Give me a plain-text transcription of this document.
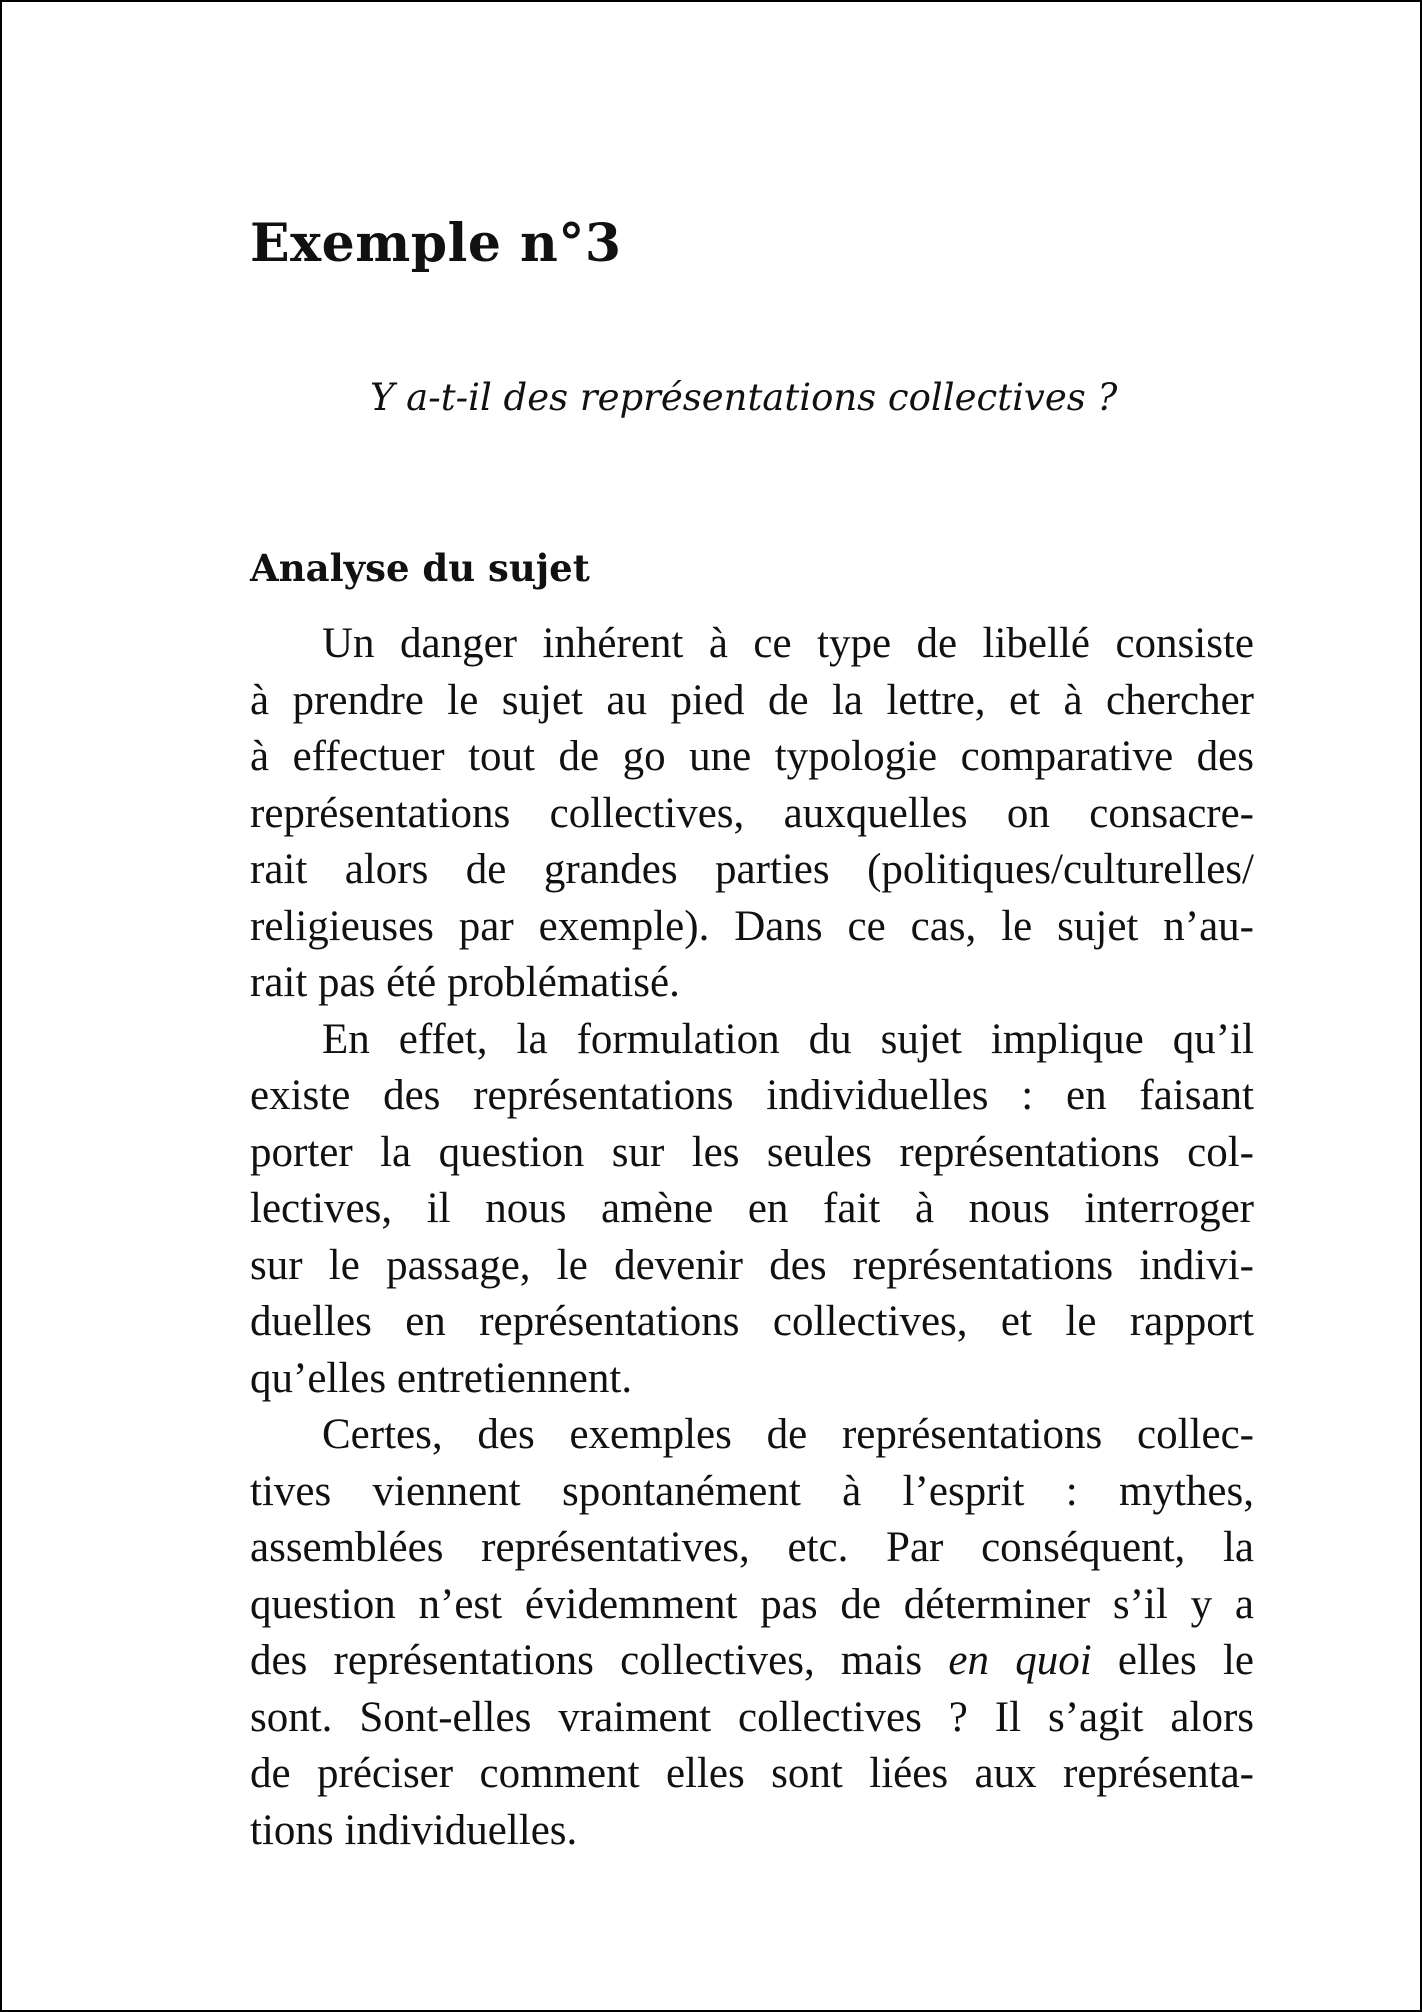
Exemple n°3
Y a-t-il des représentations collectives ?
Analyse du sujet
Un danger inhérent à ce type de libellé consiste
à prendre le sujet au pied de la lettre, et à chercher
à effectuer tout de go une typologie comparative des
représentations collectives, auxquelles on consacre-
rait alors de grandes parties (politiques/culturelles/
religieuses par exemple). Dans ce cas, le sujet n’au-
rait pas été problématisé.
En effet, la formulation du sujet implique qu’il
existe des représentations individuelles : en faisant
porter la question sur les seules représentations col-
lectives, il nous amène en fait à nous interroger
sur le passage, le devenir des représentations indivi-
duelles en représentations collectives, et le rapport
qu’elles entretiennent.
Certes, des exemples de représentations collec-
tives viennent spontanément à l’esprit : mythes,
assemblées représentatives, etc. Par conséquent, la
question n’est évidemment pas de déterminer s’il y a
des représentations collectives, mais en quoi elles le
sont. Sont-elles vraiment collectives ? Il s’agit alors
de préciser comment elles sont liées aux représenta-
tions individuelles.
